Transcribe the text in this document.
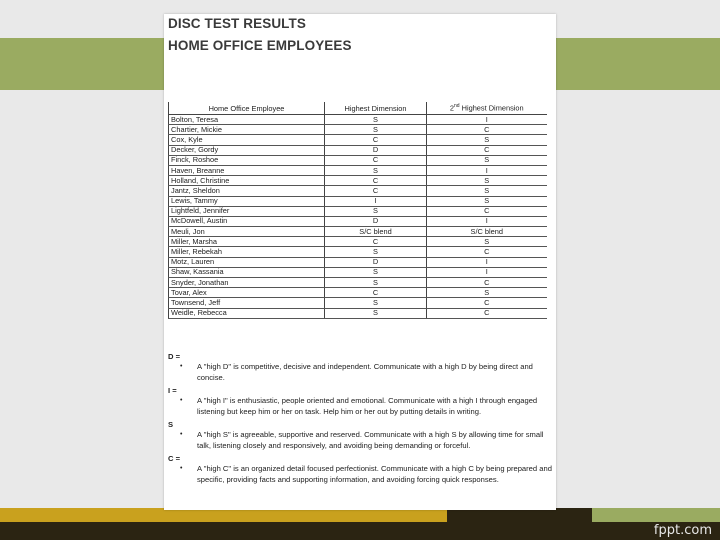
fppt.com
DISC TEST RESULTS
HOME OFFICE EMPLOYEES
Home Office Employee	Highest Dimension	2nd Highest Dimension
Bolton, Teresa	S	I
Chartier, Mickie	S	C
Cox, Kyle	C	S
Decker, Gordy	D	C
Finck, Roshoe	C	S
Haven, Breanne	S	I
Holland, Christine	C	S
Jantz, Sheldon	C	S
Lewis, Tammy	I	S
Lightfeld, Jennifer	S	C
McDowell, Austin	D	I
Meuli, Jon	S/C blend	S/C blend
Miller, Marsha	C	S
Miller, Rebekah	S	C
Motz, Lauren	D	I
Shaw, Kassania	S	I
Snyder, Jonathan	S	C
Tovar, Alex	C	S
Townsend, Jeff	S	C
Weidle, Rebecca	S	C
D =
• A "high D" is competitive, decisive and independent. Communicate with a high D by being direct and concise.
I =
• A "high I" is enthusiastic, people oriented and emotional. Communicate with a high I through engaged listening but keep him or her on task. Help him or her out by putting details in writing.
S
• A "high S" is agreeable, supportive and reserved. Communicate with a high S by allowing time for small talk, listening closely and responsively, and avoiding being demanding or forceful.
C =
• A "high C" is an organized detail focused perfectionist. Communicate with a high C by being prepared and specific, providing facts and supporting information, and avoiding forcing quick responses.
